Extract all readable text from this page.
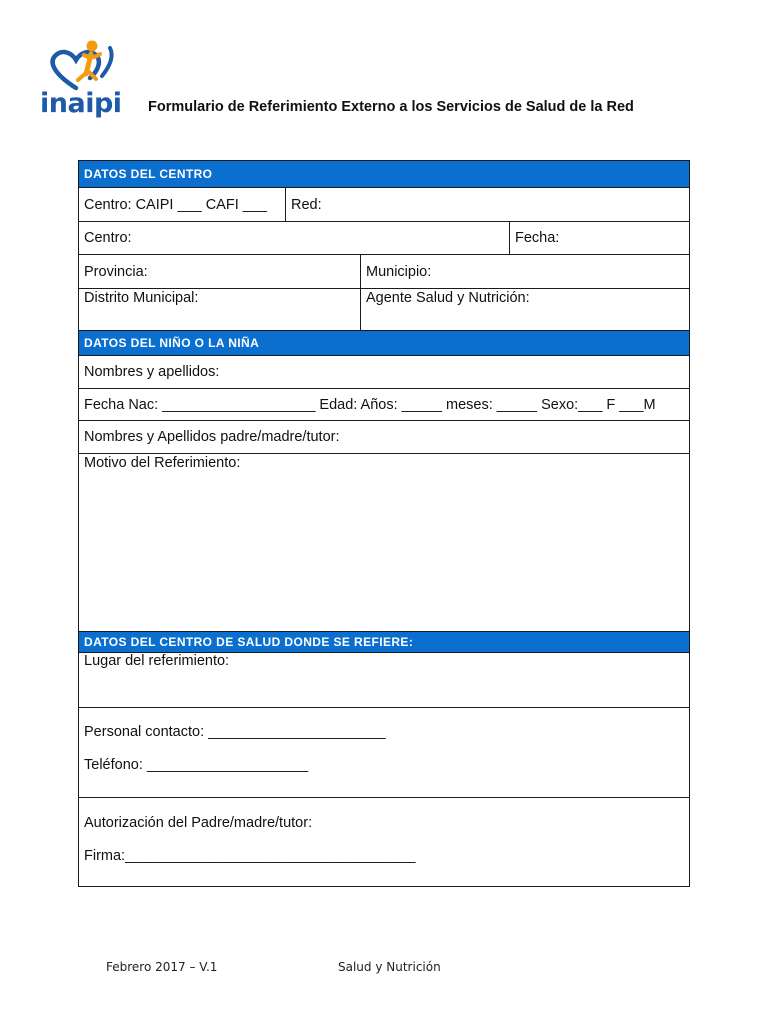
inaipi	Formulario de Referimiento Externo a los Servicios de Salud de la Red
DATOS DEL CENTRO
Centro: CAIPI ___ CAFI ___	Red:
Centro:	Fecha:
Provincia:	Municipio:
Distrito Municipal:	Agente Salud y Nutrición:
DATOS DEL NIÑO O LA NIÑA
Nombres y apellidos:
Fecha Nac: ___________________ Edad: Años: _____ meses: _____ Sexo:___ F ___M
Nombres y Apellidos padre/madre/tutor:
Motivo del Referimiento:
DATOS DEL CENTRO DE SALUD DONDE SE REFIERE:
Lugar del referimiento:
Personal contacto: ______________________
Teléfono: ____________________
Autorización del Padre/madre/tutor:
Firma:____________________________________
Febrero 2017 – V.1	Salud y Nutrición
